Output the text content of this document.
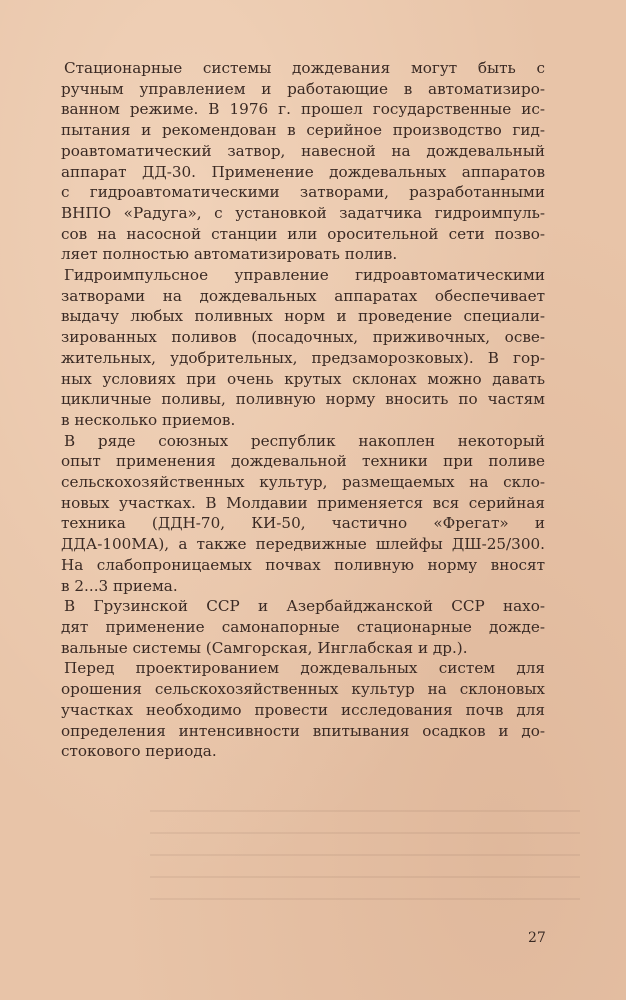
Стационарные системы дождевания могут быть с
ручным управлением и работающие в автоматизиро-
ванном режиме. В 1976 г. прошел государственные ис-
пытания и рекомендован в серийное производство гид-
роавтоматический затвор, навесной на дождевальный
аппарат ДД-30. Применение дождевальных аппаратов
с гидроавтоматическими затворами, разработанными
ВНПО «Радуга», с установкой задатчика гидроимпуль-
сов на насосной станции или оросительной сети позво-
ляет полностью автоматизировать полив.
Гидроимпульсное управление гидроавтоматическими
затворами на дождевальных аппаратах обеспечивает
выдачу любых поливных норм и проведение специали-
зированных поливов (посадочных, приживочных, осве-
жительных, удобрительных, предзаморозковых). В гор-
ных условиях при очень крутых склонах можно давать
цикличные поливы, поливную норму вносить по частям
в несколько приемов.
В ряде союзных республик накоплен некоторый
опыт применения дождевальной техники при поливе
сельскохозяйственных культур, размещаемых на скло-
новых участках. В Молдавии применяется вся серийная
техника (ДДН-70, КИ-50, частично «Фрегат» и
ДДА-100МА), а также передвижные шлейфы ДШ-25/300.
На слабопроницаемых почвах поливную норму вносят
в 2...3 приема.
В Грузинской ССР и Азербайджанской ССР нахо-
дят применение самонапорные стационарные дожде-
вальные системы (Самгорская, Инглабская и др.).
Перед проектированием дождевальных систем для
орошения сельскохозяйственных культур на склоновых
участках необходимо провести исследования почв для
определения интенсивности впитывания осадков и до-
стокового периода.
27
